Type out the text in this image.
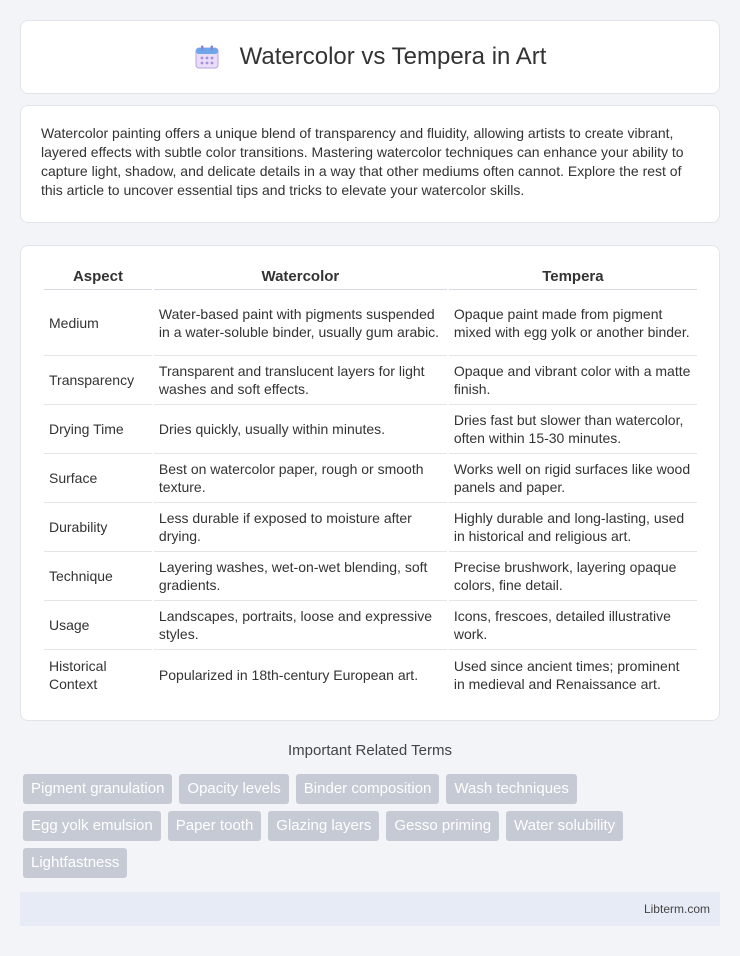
Watercolor vs Tempera in Art

Watercolor painting offers a unique blend of transparency and fluidity, allowing artists to create vibrant, layered effects with subtle color transitions. Mastering watercolor techniques can enhance your ability to capture light, shadow, and delicate details in a way that other mediums often cannot. Explore the rest of this article to uncover essential tips and tricks to elevate your watercolor skills.

Aspect	Watercolor	Tempera
Medium	Water-based paint with pigments suspended in a water-soluble binder, usually gum arabic.	Opaque paint made from pigment mixed with egg yolk or another binder.
Transparency	Transparent and translucent layers for light washes and soft effects.	Opaque and vibrant color with a matte finish.
Drying Time	Dries quickly, usually within minutes.	Dries fast but slower than watercolor, often within 15-30 minutes.
Surface	Best on watercolor paper, rough or smooth texture.	Works well on rigid surfaces like wood panels and paper.
Durability	Less durable if exposed to moisture after drying.	Highly durable and long-lasting, used in historical and religious art.
Technique	Layering washes, wet-on-wet blending, soft gradients.	Precise brushwork, layering opaque colors, fine detail.
Usage	Landscapes, portraits, loose and expressive styles.	Icons, frescoes, detailed illustrative work.
Historical Context	Popularized in 18th-century European art.	Used since ancient times; prominent in medieval and Renaissance art.
Important Related Terms
Pigment granulation	Opacity levels	Binder composition	Wash techniques
Egg yolk emulsion	Paper tooth	Glazing layers	Gesso priming	Water solubility
Lightfastness
Libterm.com
